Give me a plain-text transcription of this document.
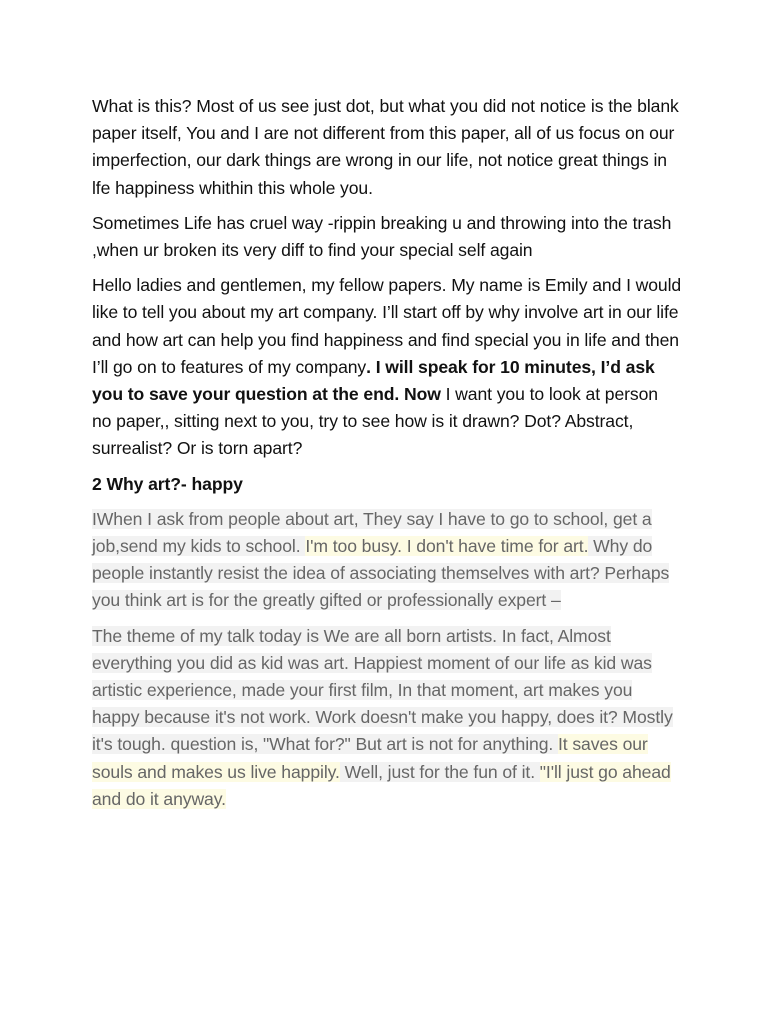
What is this? Most of us see just dot, but what you did not notice is the blank paper itself, You and I are not different from this paper, all of us focus on our imperfection, our dark things are wrong in our life, not notice great things in lfe happiness whithin this whole you.

Sometimes Life has cruel way -rippin breaking u and throwing into the trash ,when ur broken its very diff to find your special self again

Hello ladies and gentlemen, my fellow papers. My name is Emily and I would like to tell you about my art company. I’ll start off by why involve art in our life and how art can help you find happiness and find special you in life and then I’ll go on to features of my company. I will speak for 10 minutes, I’d ask you to save your question at the end. Now I want you to look at person no paper,, sitting next to you, try to see how is it drawn? Dot? Abstract, surrealist? Or is torn apart?

2 Why art?- happy

IWhen I ask from people about art, They say I have to go to school, get a job,send my kids to school. I'm too busy. I don't have time for art. Why do people instantly resist the idea of associating themselves with art? Perhaps you think art is for the greatly gifted or professionally expert –

The theme of my talk today is We are all born artists. In fact, Almost everything you did as kid was art. Happiest moment of our life as kid was artistic experience, made your first film, In that moment, art makes you happy because it's not work. Work doesn't make you happy, does it? Mostly it's tough. question is, "What for?" But art is not for anything. It saves our souls and makes us live happily. Well, just for the fun of it. "I'll just go ahead and do it anyway.
